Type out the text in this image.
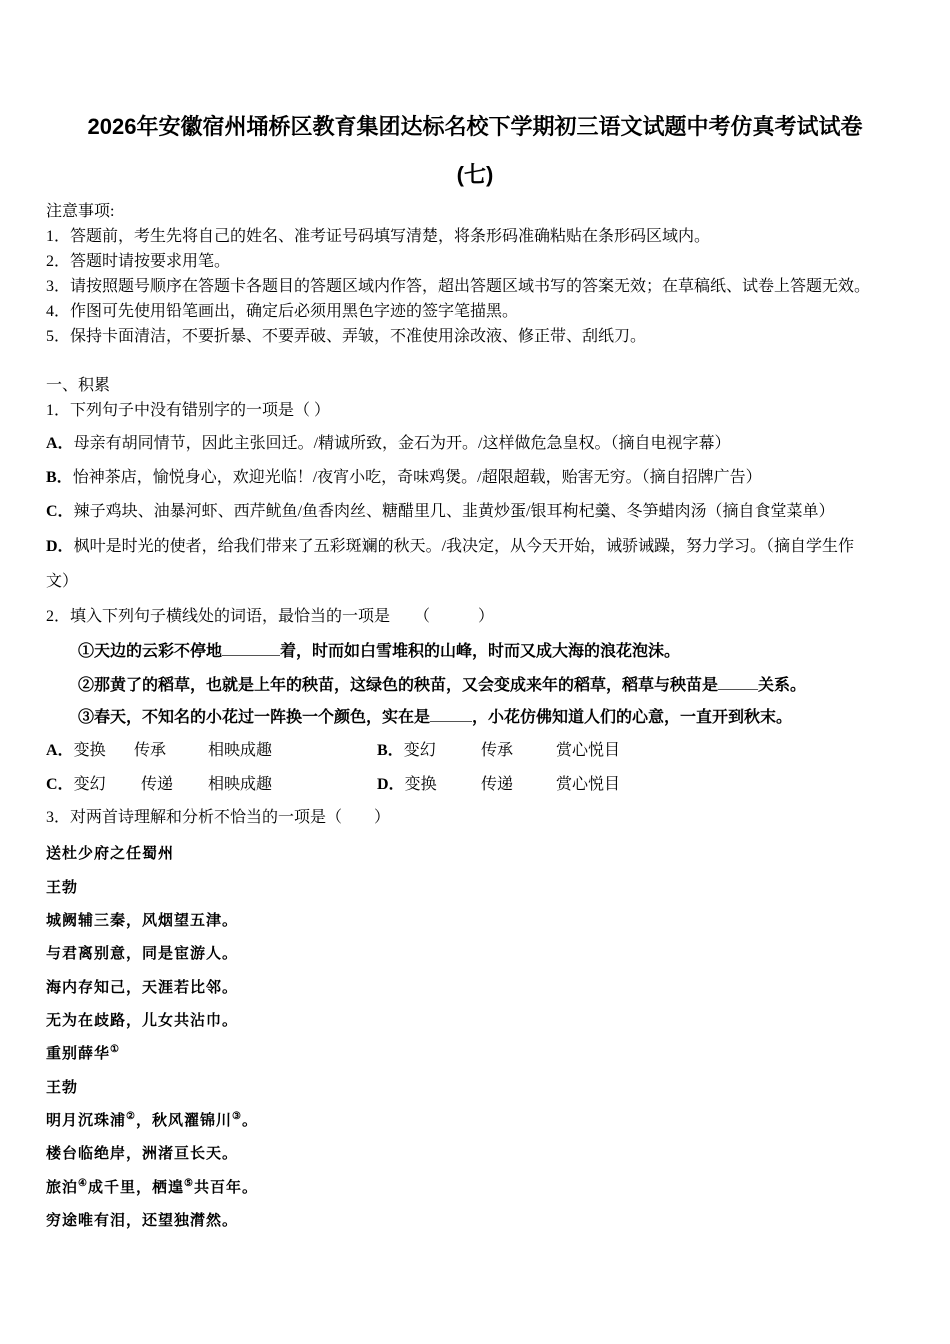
2026年安徽宿州埇桥区教育集团达标名校下学期初三语文试题中考仿真考试试卷
(七)
注意事项:
1．答题前，考生先将自己的姓名、准考证号码填写清楚，将条形码准确粘贴在条形码区域内。
2．答题时请按要求用笔。
3．请按照题号顺序在答题卡各题目的答题区域内作答，超出答题区域书写的答案无效；在草稿纸、试卷上答题无效。
4．作图可先使用铅笔画出，确定后必须用黑色字迹的签字笔描黑。
5．保持卡面清洁，不要折暴、不要弄破、弄皱，不准使用涂改液、修正带、刮纸刀。
一、积累
1．下列句子中没有错别字的一项是（ ）
A．母亲有胡同情节，因此主张回迁。/精诚所致，金石为开。/这样做危急皇权。（摘自电视字幕）
B．怡神茶店，愉悦身心，欢迎光临！/夜宵小吃，奇味鸡煲。/超限超载，贻害无穷。（摘自招牌广告）
C．辣子鸡块、油暴河虾、西芹鱿鱼/鱼香肉丝、糖醋里几、韭黄炒蛋/银耳枸杞羹、冬笋蜡肉汤（摘自食堂菜单）
D．枫叶是时光的使者，给我们带来了五彩斑斓的秋天。/我决定，从今天开始，诫骄诫躁，努力学习。（摘自学生作
文）
2．填入下列句子横线处的词语，最恰当的一项是　　（　　　）
①天边的云彩不停地	着，时而如白雪堆积的山峰，时而又成大海的浪花泡沫。
②那黄了的稻草，也就是上年的秧苗，这绿色的秧苗，又会变成来年的稻草，稻草与秧苗是	关系。
③春天，不知名的小花过一阵换一个颜色，实在是	，小花仿佛知道人们的心意，一直开到秋末。
A．变换 传承	相映成趣	B．变幻	传承	赏心悦目
C．变幻 传递 相映成趣	D．变换	传递	赏心悦目
3．对两首诗理解和分析不恰当的一项是（　　）
送杜少府之任蜀州
王勃
城阙辅三秦，风烟望五津。
与君离别意，同是宦游人。
海内存知己，天涯若比邻。
无为在歧路，儿女共沾巾。
重别薛华①
王勃
明月沉珠浦②，秋风濯锦川③。
楼台临绝岸，洲渚亘长天。
旅泊④成千里，栖遑⑤共百年。
穷途唯有泪，还望独潸然。
